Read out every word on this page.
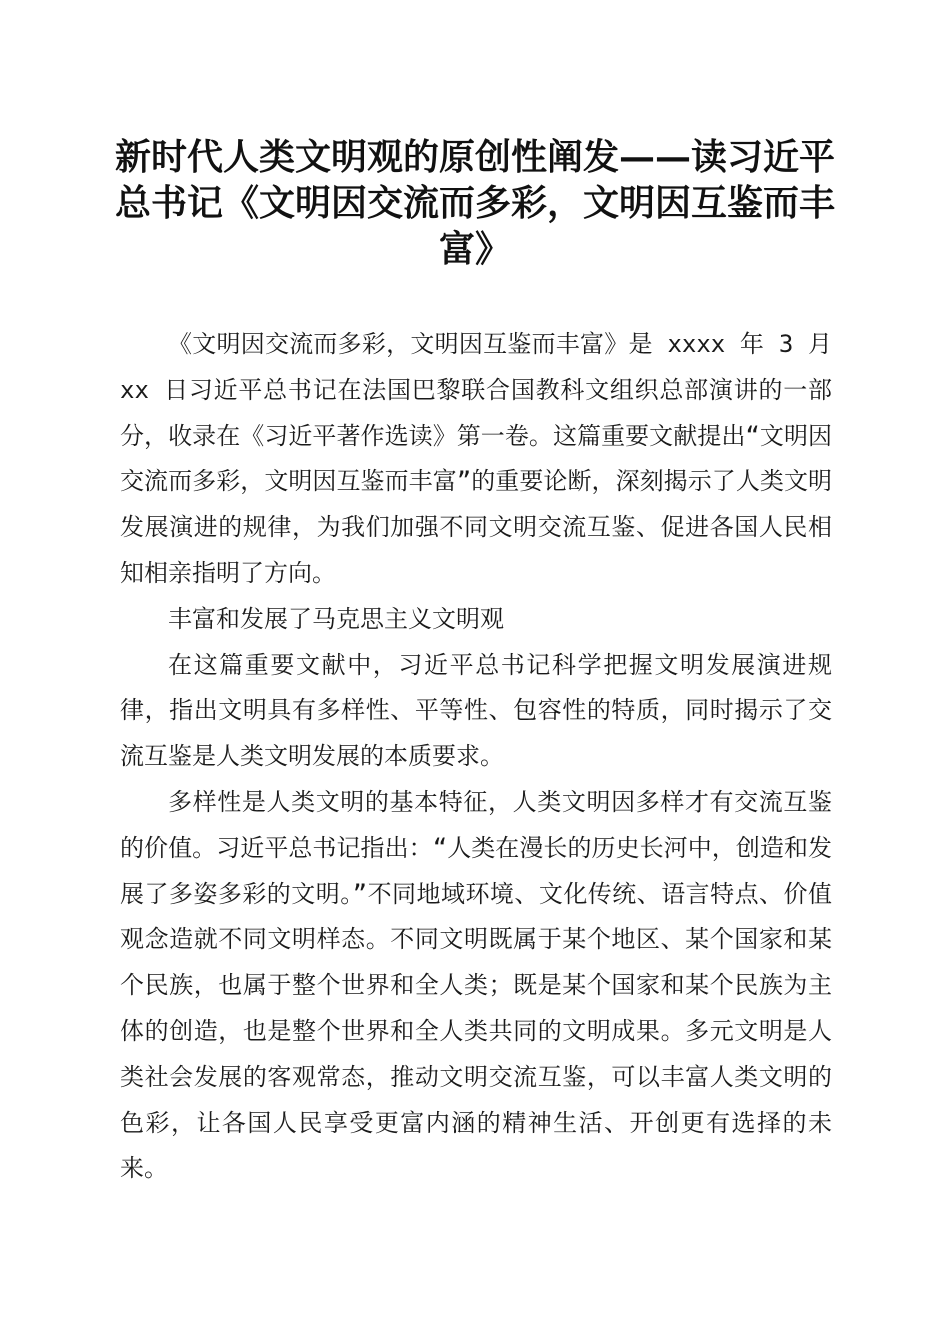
新时代人类文明观的原创性阐发——读习近平总书记《文明因交流而多彩，文明因互鉴而丰富》

《文明因交流而多彩，文明因互鉴而丰富》是 xxxx 年 3 月 xx 日习近平总书记在法国巴黎联合国教科文组织总部演讲的一部分，收录在《习近平著作选读》第一卷。这篇重要文献提出“文明因交流而多彩，文明因互鉴而丰富”的重要论断，深刻揭示了人类文明发展演进的规律，为我们加强不同文明交流互鉴、促进各国人民相知相亲指明了方向。

丰富和发展了马克思主义文明观

在这篇重要文献中，习近平总书记科学把握文明发展演进规律，指出文明具有多样性、平等性、包容性的特质，同时揭示了交流互鉴是人类文明发展的本质要求。

多样性是人类文明的基本特征，人类文明因多样才有交流互鉴的价值。习近平总书记指出：“人类在漫长的历史长河中，创造和发展了多姿多彩的文明。”不同地域环境、文化传统、语言特点、价值观念造就不同文明样态。不同文明既属于某个地区、某个国家和某个民族，也属于整个世界和全人类；既是某个国家和某个民族为主体的创造，也是整个世界和全人类共同的文明成果。多元文明是人类社会发展的客观常态，推动文明交流互鉴，可以丰富人类文明的色彩，让各国人民享受更富内涵的精神生活、开创更有选择的未来。
